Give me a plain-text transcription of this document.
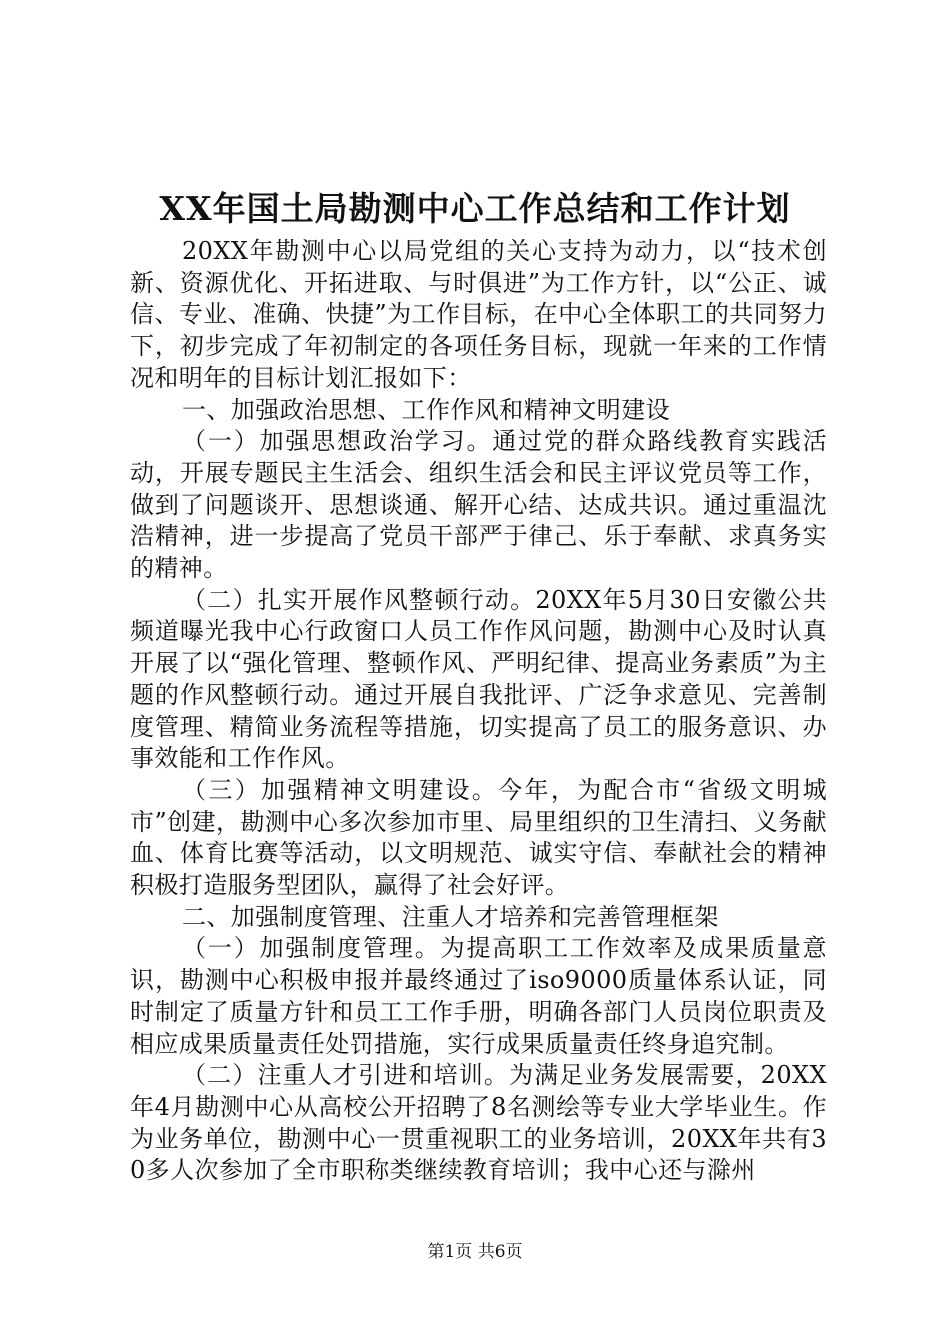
XX年国土局勘测中心工作总结和工作计划

20XX年勘测中心以局党组的关心支持为动力，以“技术创新、资源优化、开拓进取、与时俱进”为工作方针，以“公正、诚信、专业、准确、快捷”为工作目标，在中心全体职工的共同努力下，初步完成了年初制定的各项任务目标，现就一年来的工作情况和明年的目标计划汇报如下：

一、加强政治思想、工作作风和精神文明建设

（一）加强思想政治学习。通过党的群众路线教育实践活动，开展专题民主生活会、组织生活会和民主评议党员等工作，做到了问题谈开、思想谈通、解开心结、达成共识。通过重温沈浩精神，进一步提高了党员干部严于律己、乐于奉献、求真务实的精神。

（二）扎实开展作风整顿行动。20XX年5月30日安徽公共频道曝光我中心行政窗口人员工作作风问题，勘测中心及时认真开展了以“强化管理、整顿作风、严明纪律、提高业务素质”为主题的作风整顿行动。通过开展自我批评、广泛争求意见、完善制度管理、精简业务流程等措施，切实提高了员工的服务意识、办事效能和工作作风。

（三）加强精神文明建设。今年，为配合市“省级文明城市”创建，勘测中心多次参加市里、局里组织的卫生清扫、义务献血、体育比赛等活动，以文明规范、诚实守信、奉献社会的精神积极打造服务型团队，赢得了社会好评。

二、加强制度管理、注重人才培养和完善管理框架

（一）加强制度管理。为提高职工工作效率及成果质量意识，勘测中心积极申报并最终通过了iso9000质量体系认证，同时制定了质量方针和员工工作手册，明确各部门人员岗位职责及相应成果质量责任处罚措施，实行成果质量责任终身追究制。

（二）注重人才引进和培训。为满足业务发展需要，20XX年4月勘测中心从高校公开招聘了8名测绘等专业大学毕业生。作为业务单位，勘测中心一贯重视职工的业务培训，20XX年共有30多人次参加了全市职称类继续教育培训；我中心还与滁州

第1页 共6页
